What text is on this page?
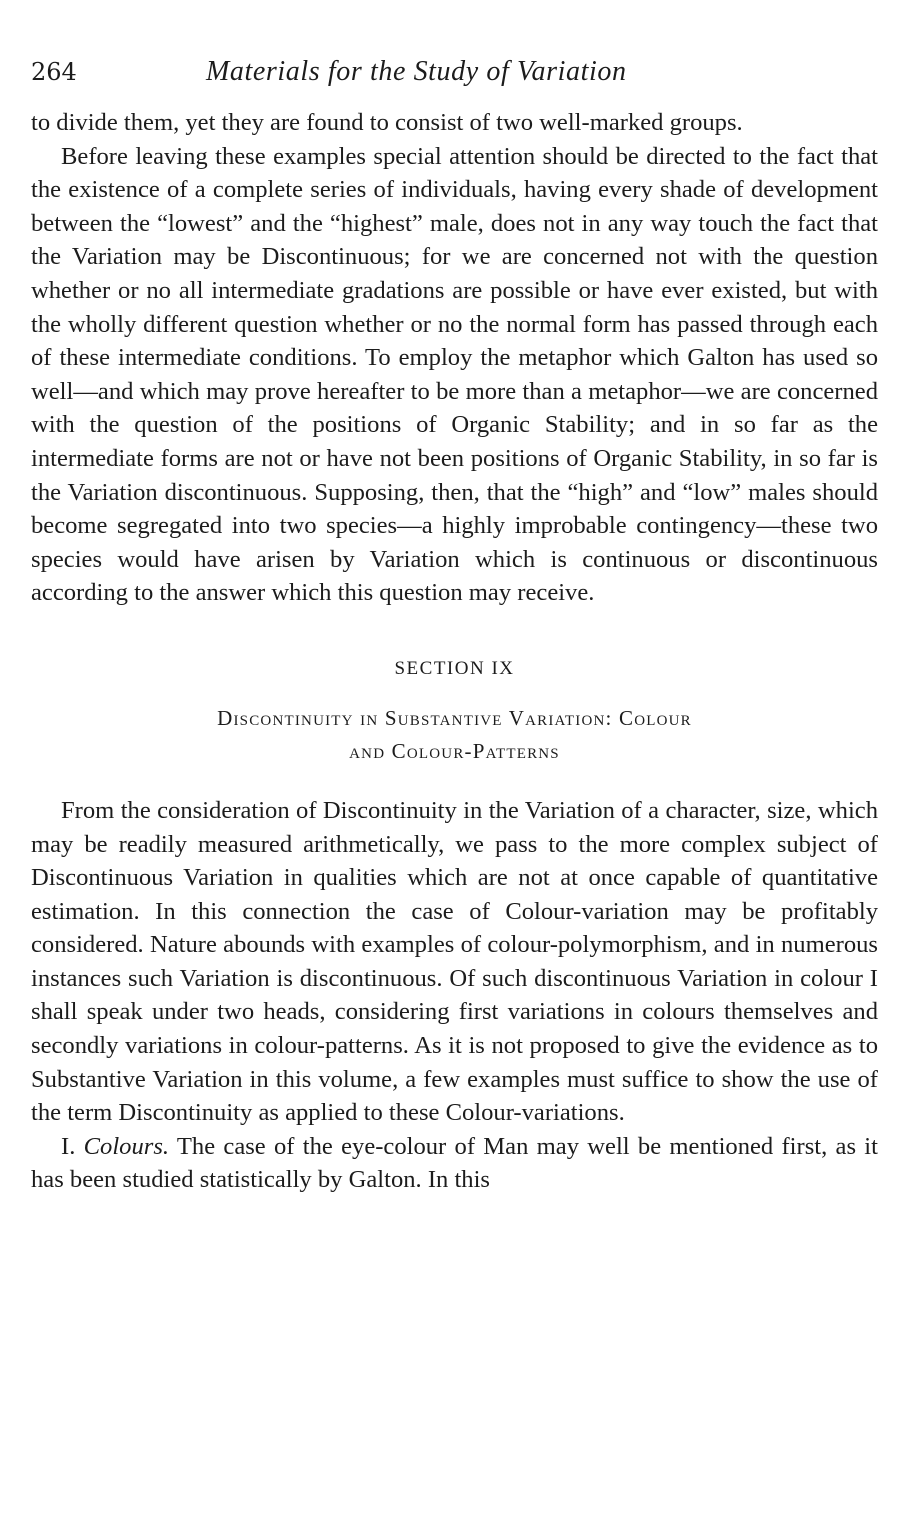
264	Materials for the Study of Variation

to divide them, yet they are found to consist of two well-marked groups.

Before leaving these examples special attention should be directed to the fact that the existence of a complete series of individuals, having every shade of development between the “lowest” and the “highest” male, does not in any way touch the fact that the Variation may be Discontinuous; for we are concerned not with the question whether or no all intermediate gradations are possible or have ever existed, but with the wholly different question whether or no the normal form has passed through each of these intermediate conditions. To employ the metaphor which Galton has used so well—and which may prove hereafter to be more than a metaphor—we are concerned with the question of the positions of Organic Stability; and in so far as the intermediate forms are not or have not been positions of Organic Stability, in so far is the Variation discontinuous. Supposing, then, that the “high” and “low” males should become segregated into two species—a highly improbable contingency—these two species would have arisen by Variation which is continuous or discontinuous according to the answer which this question may receive.

SECTION IX
Discontinuity in Substantive Variation: Colour
and Colour-Patterns

From the consideration of Discontinuity in the Variation of a character, size, which may be readily measured arithmetically, we pass to the more complex subject of Discontinuous Variation in qualities which are not at once capable of quantitative estimation. In this connection the case of Colour-variation may be profitably considered. Nature abounds with examples of colour-polymorphism, and in numerous instances such Variation is discontinuous. Of such discontinuous Variation in colour I shall speak under two heads, considering first variations in colours themselves and secondly variations in colour-patterns. As it is not proposed to give the evidence as to Substantive Variation in this volume, a few examples must suffice to show the use of the term Discontinuity as applied to these Colour-variations.

I. Colours. The case of the eye-colour of Man may well be mentioned first, as it has been studied statistically by Galton. In this
